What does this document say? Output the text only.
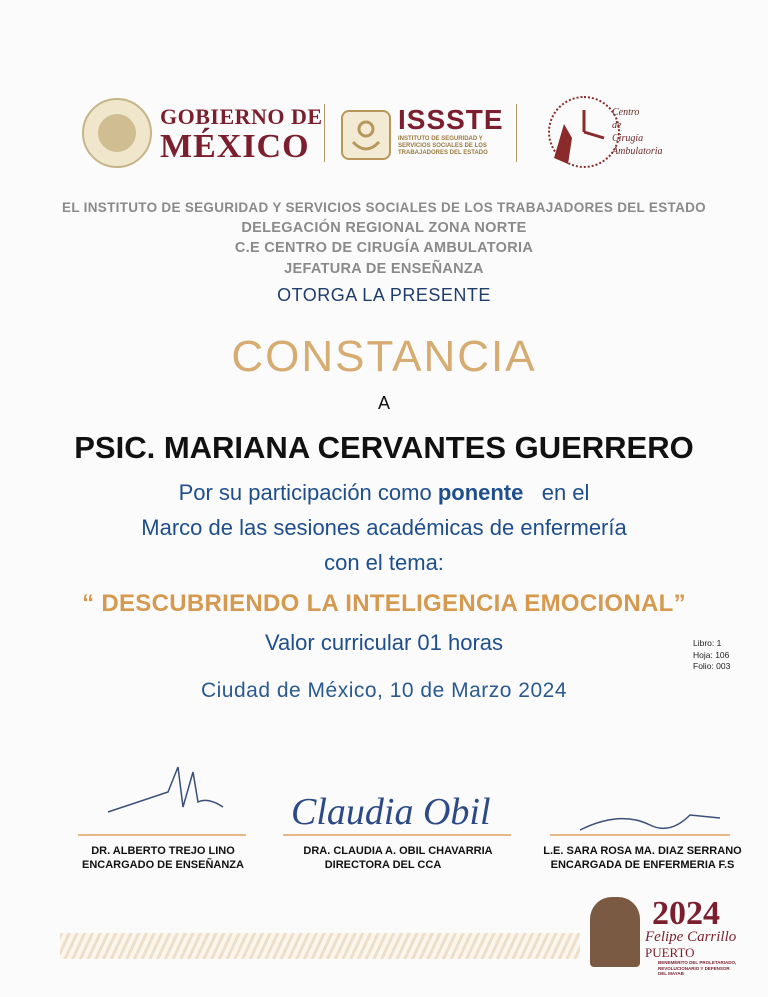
GOBIERNO DE
MÉXICO
ISSSTE
INSTITUTO DE SEGURIDAD Y SERVICIOS SOCIALES DE LOS TRABAJADORES DEL ESTADO
Centro
de
Cirugía
Ambulatoria
EL INSTITUTO DE SEGURIDAD Y SERVICIOS SOCIALES DE LOS TRABAJADORES DEL ESTADO
DELEGACIÓN REGIONAL ZONA NORTE
C.E CENTRO DE CIRUGÍA AMBULATORIA
JEFATURA DE ENSEÑANZA
OTORGA LA PRESENTE
CONSTANCIA
A
PSIC. MARIANA CERVANTES GUERRERO
Por su participación como ponente   en el
Marco de las sesiones académicas de enfermería
con el tema:
“ DESCUBRIENDO LA INTELIGENCIA EMOCIONAL”
Valor curricular 01 horas	Libro: 1
Hoja: 106
Folio: 003
Ciudad de México, 10 de Marzo 2024
DR. ALBERTO TREJO LINO
ENCARGADO DE ENSEÑANZA
Claudia Obil
DRA. CLAUDIA A. OBIL CHAVARRIA
DIRECTORA DEL CCA
L.E. SARA ROSA MA. DIAZ SERRANO
ENCARGADA DE ENFERMERIA F.S
2024
Felipe Carrillo
PUERTO
BENEMÉRITO DEL PROLETARIADO, REVOLUCIONARIO Y DEFENSOR DEL MAYAB
